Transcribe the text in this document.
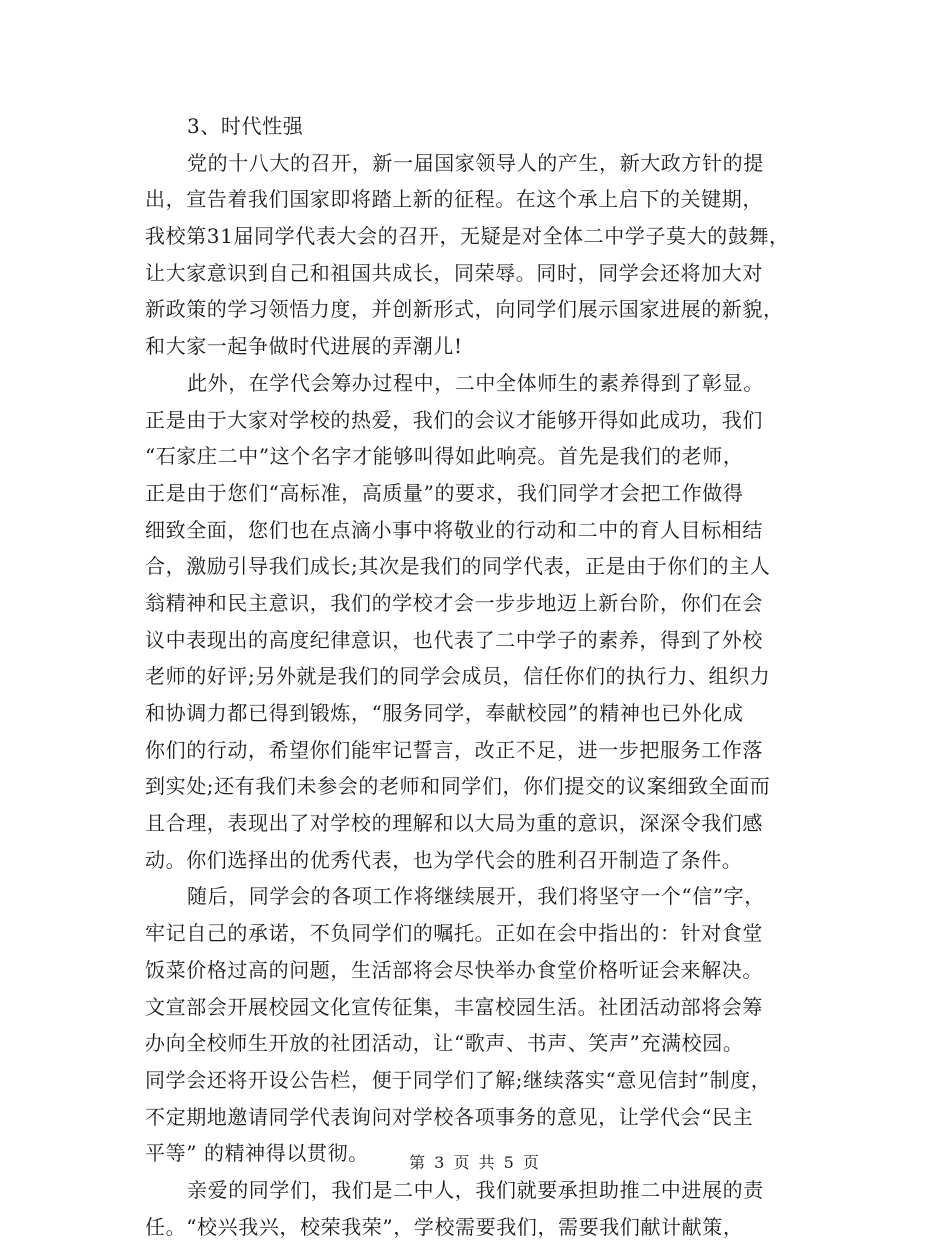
3、时代性强
党的十八大的召开，新一届国家领导人的产生，新大政方针的提
出，宣告着我们国家即将踏上新的征程。在这个承上启下的关键期，
我校第31届同学代表大会的召开，无疑是对全体二中学子莫大的鼓舞，
让大家意识到自己和祖国共成长，同荣辱。同时，同学会还将加大对
新政策的学习领悟力度，并创新形式，向同学们展示国家进展的新貌，
和大家一起争做时代进展的弄潮儿!
此外，在学代会筹办过程中，二中全体师生的素养得到了彰显。
正是由于大家对学校的热爱，我们的会议才能够开得如此成功，我们
“石家庄二中”这个名字才能够叫得如此响亮。首先是我们的老师，
正是由于您们“高标准，高质量”的要求，我们同学才会把工作做得
细致全面，您们也在点滴小事中将敬业的行动和二中的育人目标相结
合，激励引导我们成长;其次是我们的同学代表，正是由于你们的主人
翁精神和民主意识，我们的学校才会一步步地迈上新台阶，你们在会
议中表现出的高度纪律意识，也代表了二中学子的素养，得到了外校
老师的好评;另外就是我们的同学会成员，信任你们的执行力、组织力
和协调力都已得到锻炼，“服务同学，奉献校园”的精神也已外化成
你们的行动，希望你们能牢记誓言，改正不足，进一步把服务工作落
到实处;还有我们未参会的老师和同学们，你们提交的议案细致全面而
且合理，表现出了对学校的理解和以大局为重的意识，深深令我们感
动。你们选择出的优秀代表，也为学代会的胜利召开制造了条件。
随后，同学会的各项工作将继续展开，我们将坚守一个“信”字，
牢记自己的承诺，不负同学们的嘱托。正如在会中指出的：针对食堂
饭菜价格过高的问题，生活部将会尽快举办食堂价格听证会来解决。
文宣部会开展校园文化宣传征集，丰富校园生活。社团活动部将会筹
办向全校师生开放的社团活动，让“歌声、书声、笑声”充满校园。
同学会还将开设公告栏，便于同学们了解;继续落实“意见信封”制度，
不定期地邀请同学代表询问对学校各项事务的意见，让学代会“民主
平等” 的精神得以贯彻。
亲爱的同学们，我们是二中人，我们就要承担助推二中进展的责
任。“校兴我兴，校荣我荣”，学校需要我们，需要我们献计献策，
第 3 页 共 5 页
